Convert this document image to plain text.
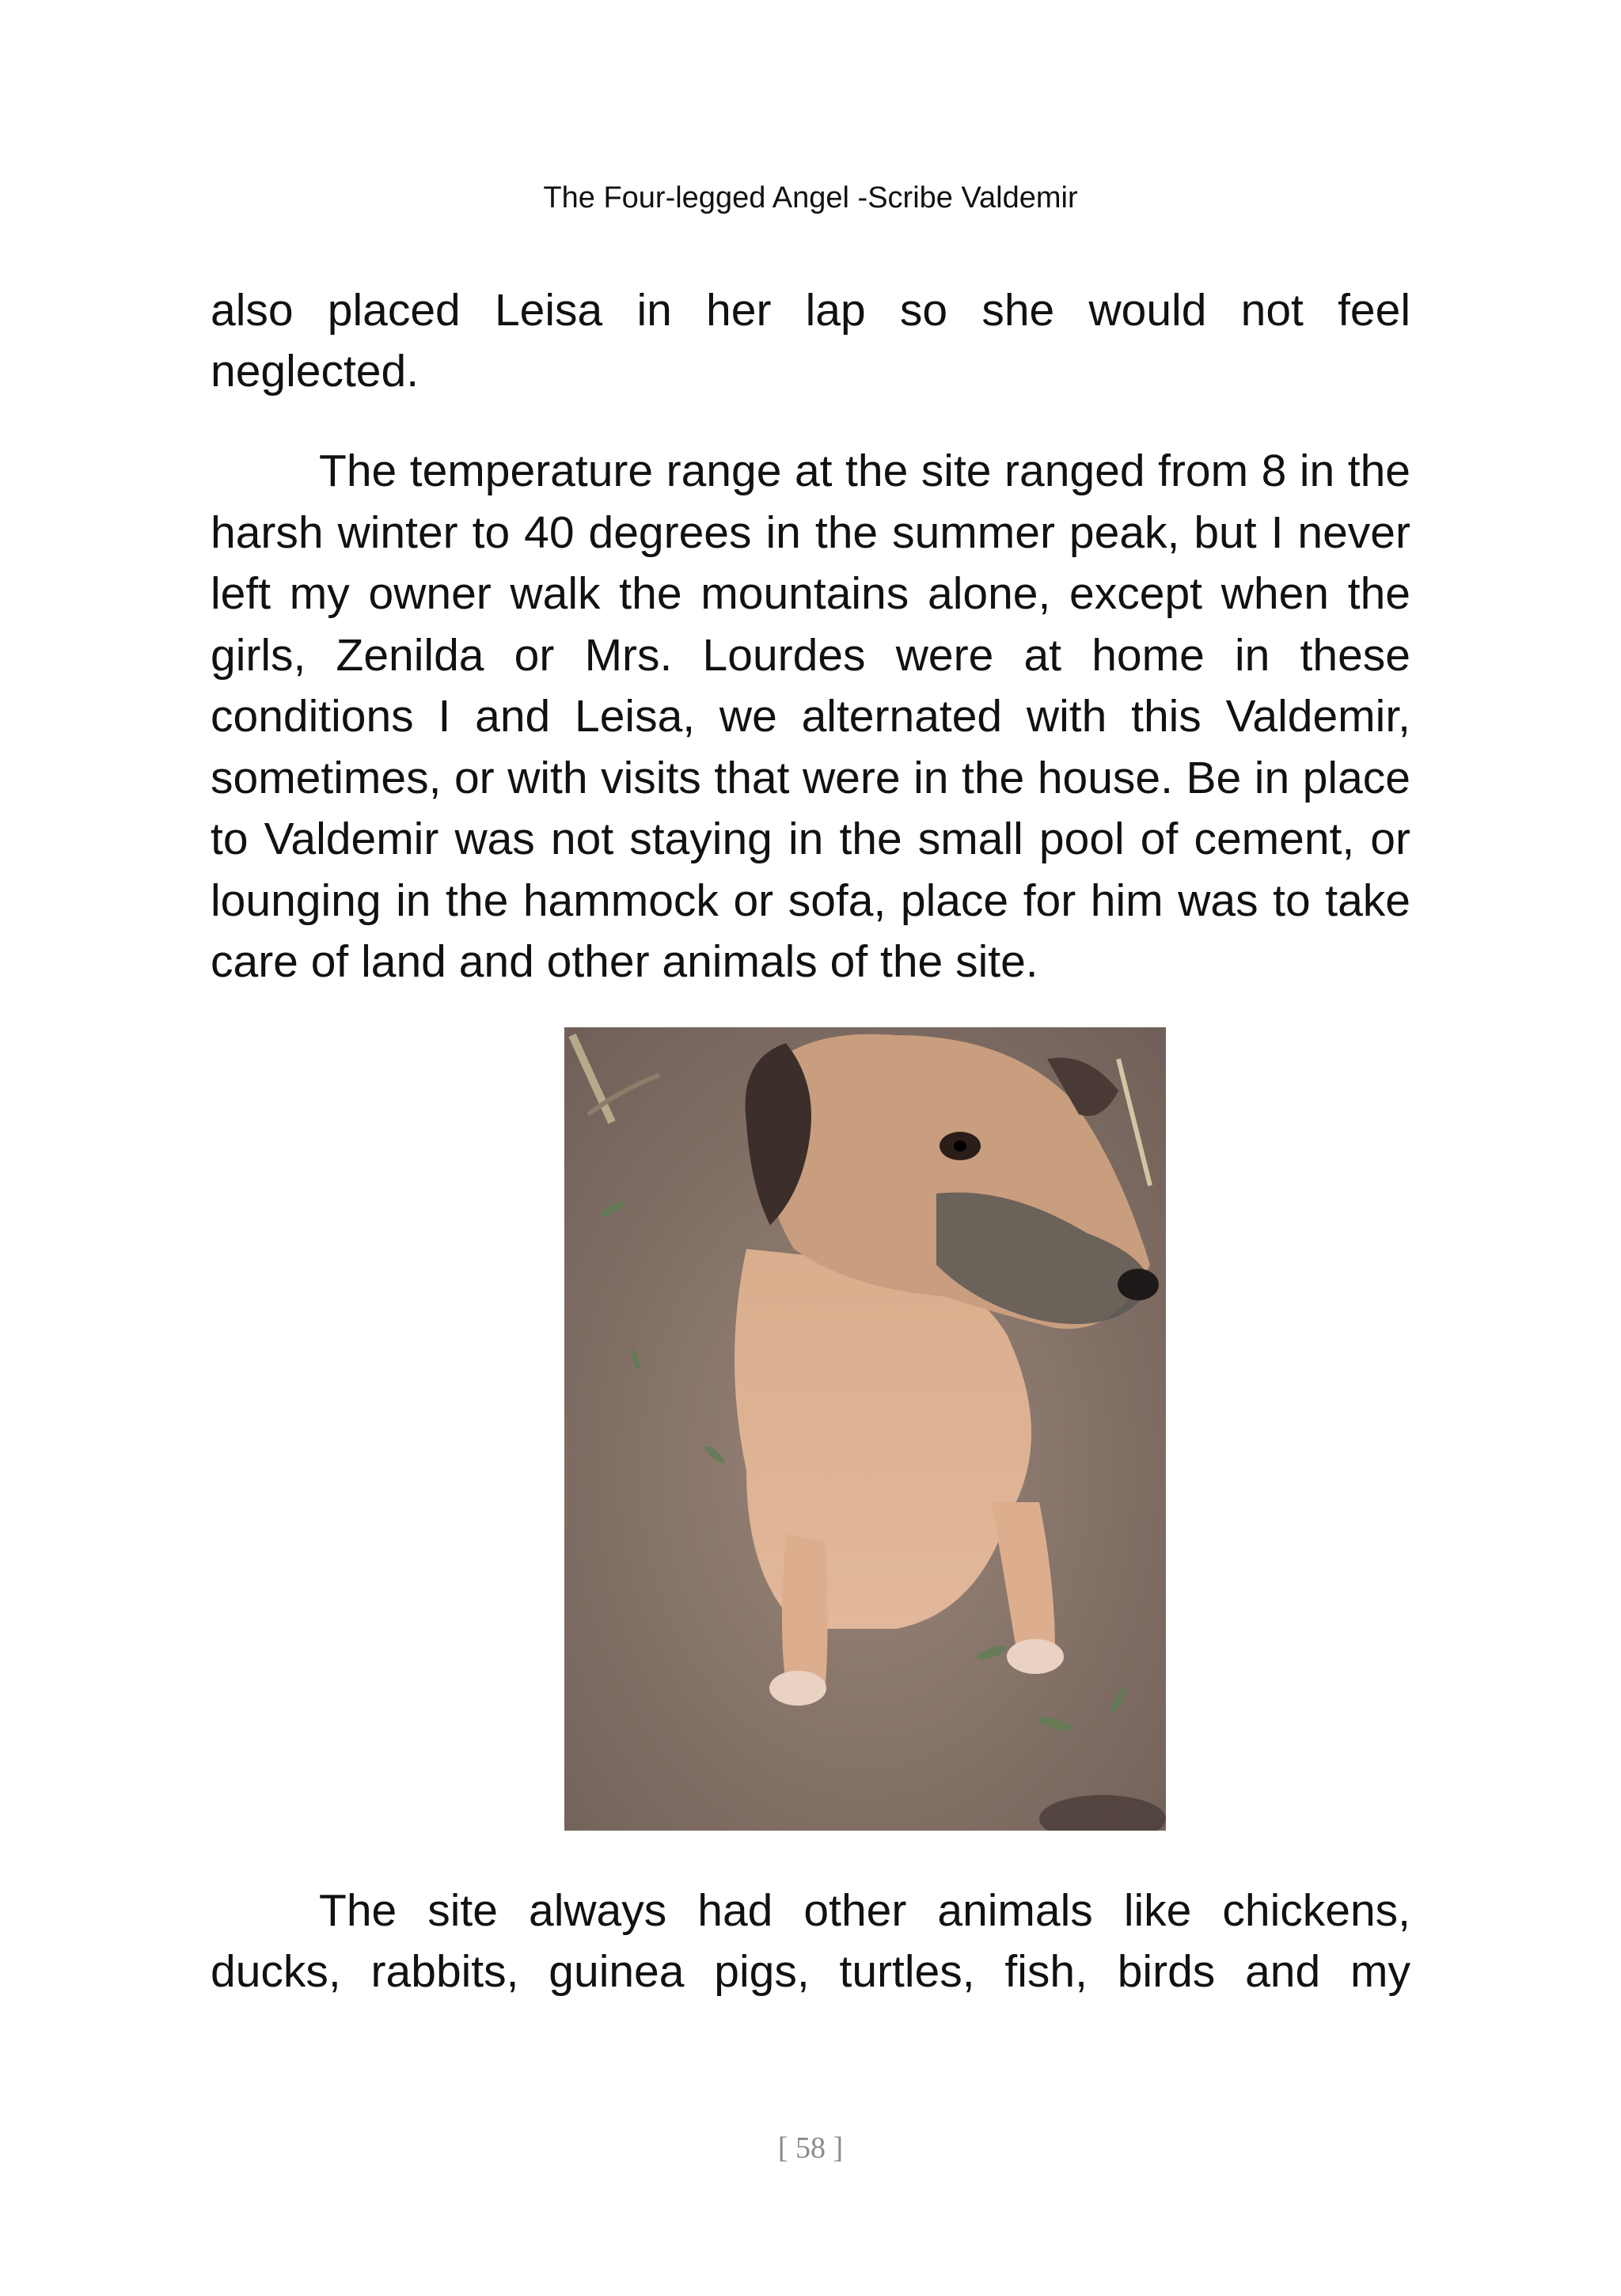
The Four-legged Angel -Scribe Valdemir

also placed Leisa in her lap so she would not feel

neglected.

The temperature range at the site ranged from 8 in the harsh winter to 40 degrees in the summer peak, but I never left my owner walk the mountains alone, except when the girls, Zenilda or Mrs. Lourdes were at home in these conditions I and Leisa, we alternated with this Valdemir, sometimes, or with visits that were in the house. Be in place to Valdemir was not staying in the small pool of cement, or lounging in the hammock or sofa, place for him was to take care of land and other animals of the site.

The site always had other animals like chickens,

ducks, rabbits, guinea pigs, turtles, fish, birds and my

[ 58 ]
